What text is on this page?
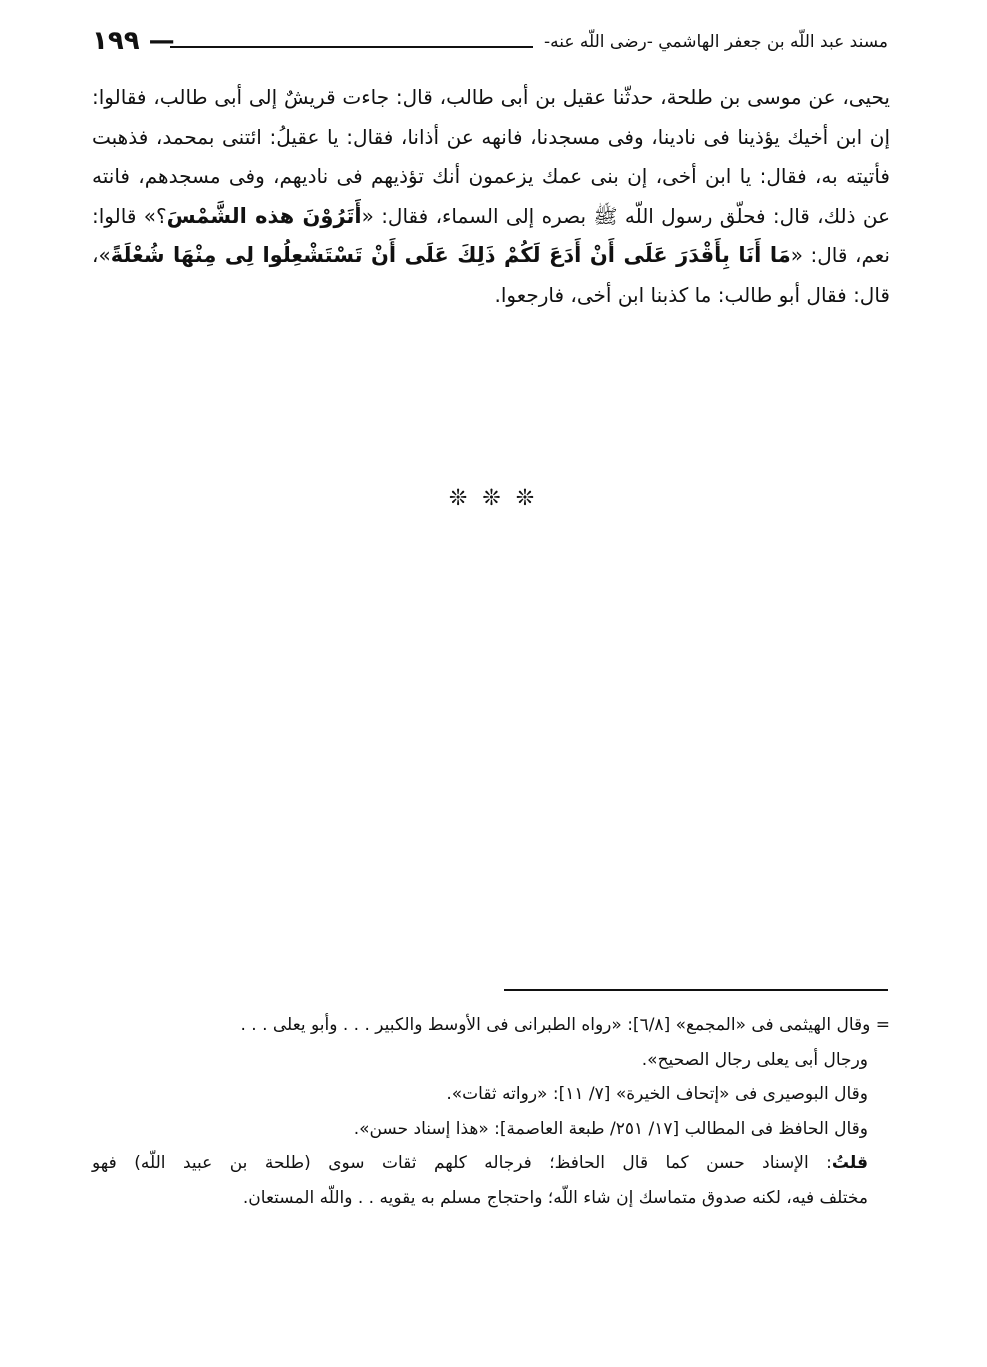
مسند عبد اللّه بن جعفر الهاشمي -رضى اللّه عنه-
— ١٩٩
يحيى، عن موسى بن طلحة، حدثّنا عقيل بن أبى طالب، قال: جاءت قريشٌ إلى أبى طالب، فقالوا: إن ابن أخيك يؤذينا فى نادينا، وفى مسجدنا، فانهه عن أذانا، فقال: يا عقيلُ: ائتنى بمحمد، فذهبت فأتيته به، فقال: يا ابن أخى، إن بنى عمك يزعمون أنك تؤذيهم فى ناديهم، وفى مسجدهم، فانته عن ذلك، قال: فحلّق رسول اللّه ﷺ بصره إلى السماء، فقال: «أَتَرُوْنَ هذه الشَّمْسَ؟» قالوا: نعم، قال: «مَا أَنَا بِأَقْدَرَ عَلَى أَنْ أَدَعَ لَكُمْ ذَلِكَ عَلَى أَنْ تَسْتَشْعِلُوا لِى مِنْهَا شُعْلَةً»، قال: فقال أبو طالب: ما كذبنا ابن أخى، فارجعوا.
❊ ❊ ❊
= وقال الهيثمى فى «المجمع» [٦/٨]: «رواه الطبرانى فى الأوسط والكبير . . . وأبو يعلى . . .
ورجال أبى يعلى رجال الصحيح».
وقال البوصيرى فى «إتحاف الخيرة» [٧/ ١١]: «رواته ثقات».
وقال الحافظ فى المطالب [١٧/ ٢٥١/ طبعة العاصمة]: «هذا إسناد حسن».
قلتُ: الإسناد حسن كما قال الحافظ؛ فرجاله كلهم ثقات سوى (طلحة بن عبيد اللّه) فهو
مختلف فيه، لكنه صدوق متماسك إن شاء اللّه؛ واحتجاج مسلم به يقويه . . واللّه المستعان.
